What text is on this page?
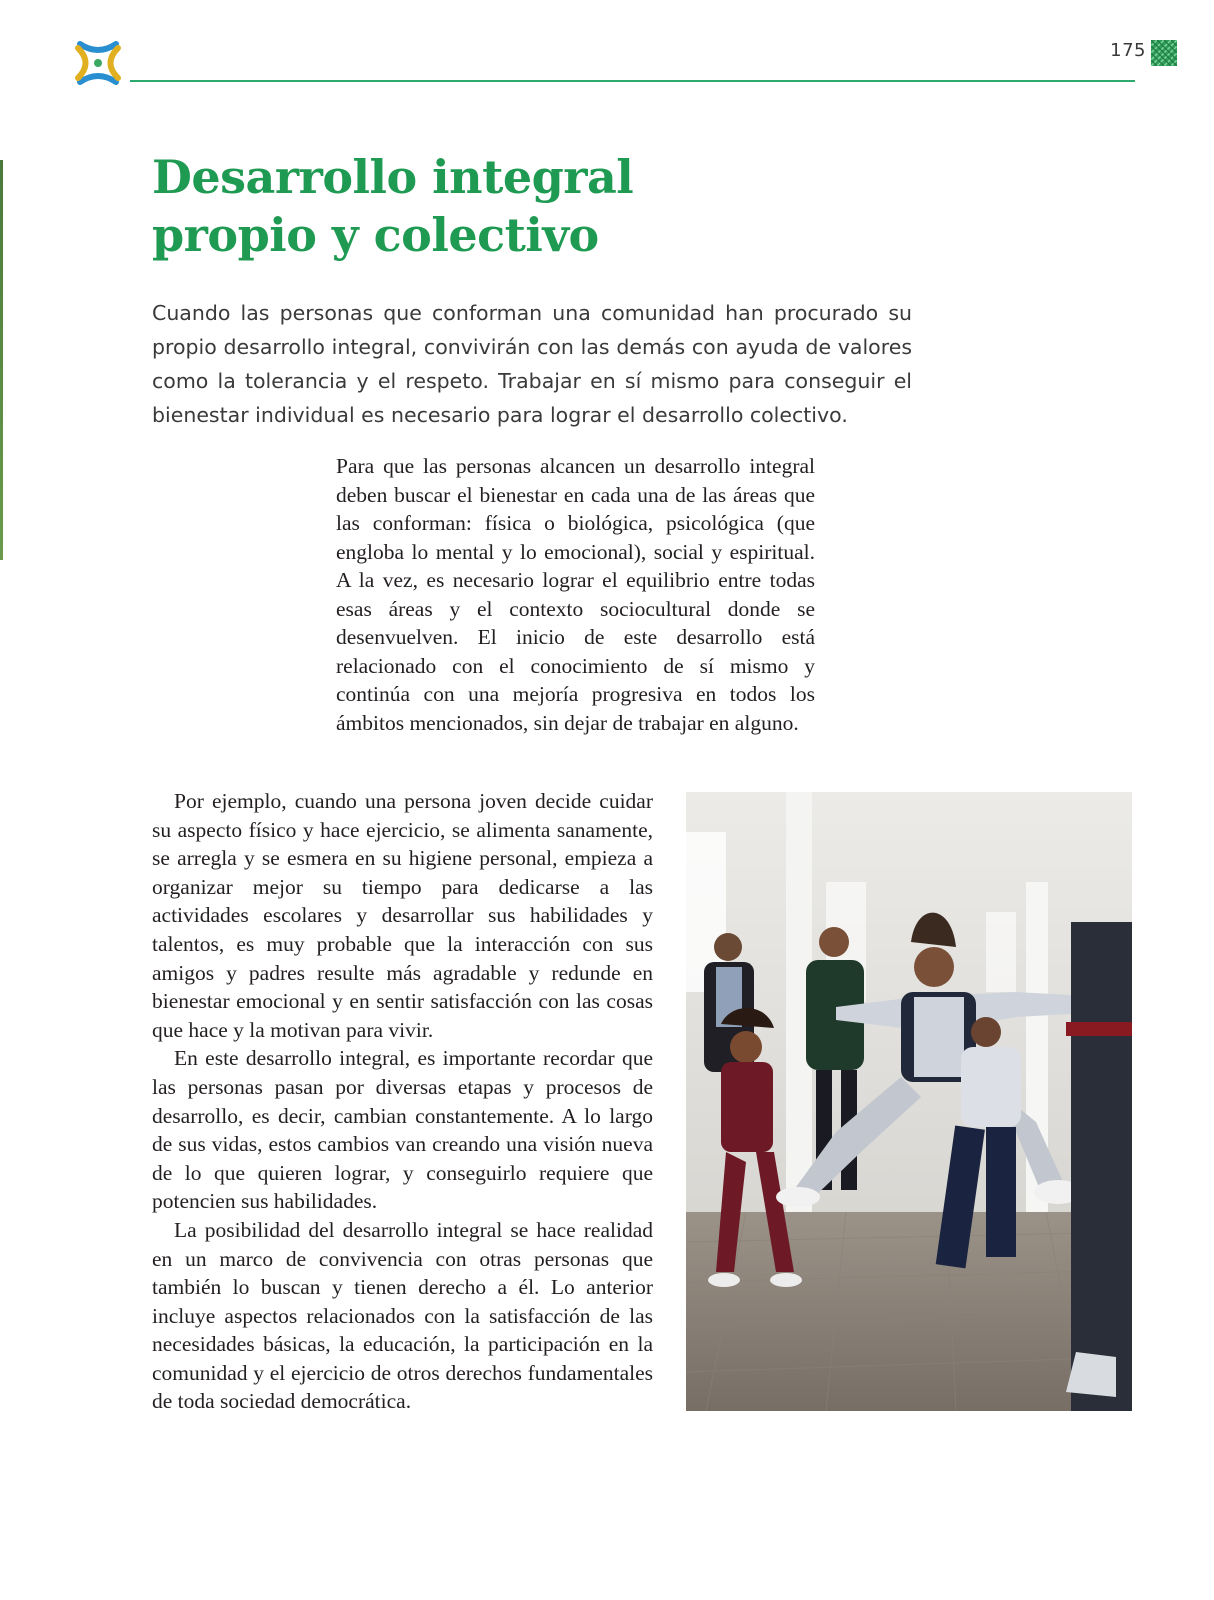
175
Desarrollo integral
propio y colectivo

Cuando las personas que conforman una comunidad han procurado su propio desarrollo integral, convivirán con las demás con ayuda de valores como la tolerancia y el respeto. Trabajar en sí mismo para conseguir el bienestar individual es necesario para lograr el desarrollo colectivo.

Para que las personas alcancen un desarrollo integral deben buscar el bienestar en cada una de las áreas que las conforman: física o biológica, psicológica (que engloba lo mental y lo emocional), social y espiritual. A la vez, es necesario lograr el equilibrio entre todas esas áreas y el contexto sociocultural donde se desenvuelven. El inicio de este desarrollo está relacionado con el conocimiento de sí mismo y continúa con una mejoría progresiva en todos los ámbitos mencionados, sin dejar de trabajar en alguno.

Por ejemplo, cuando una persona joven decide cuidar su aspecto físico y hace ejercicio, se alimenta sanamente, se arregla y se esmera en su higiene personal, empieza a organizar mejor su tiempo para dedicarse a las actividades escolares y desarrollar sus habilidades y talentos, es muy probable que la interacción con sus amigos y padres resulte más agradable y redunde en bienestar emocional y en sentir satisfacción con las cosas que hace y la motivan para vivir.

En este desarrollo integral, es importante recordar que las personas pasan por diversas etapas y procesos de desarrollo, es decir, cambian constantemente. A lo largo de sus vidas, estos cambios van creando una visión nueva de lo que quieren lograr, y conseguirlo requiere que potencien sus habilidades.

La posibilidad del desarrollo integral se hace realidad en un marco de convivencia con otras personas que también lo buscan y tienen derecho a él. Lo anterior incluye aspectos relacionados con la satisfacción de las necesidades básicas, la educación, la participación en la comunidad y el ejercicio de otros derechos fundamentales de toda sociedad democrática.
